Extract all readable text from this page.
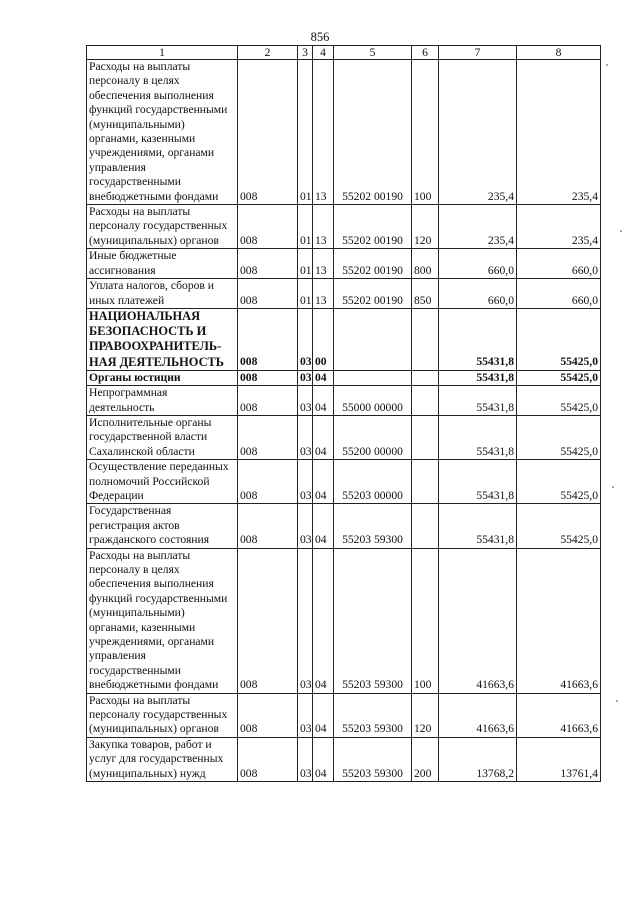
856
1	2	3	4	5	6	7	8
Расходы на выплаты персоналу в целях обеспечения выполнения функций государственными (муниципальными) органами, казенными учреждениями, органами управления государственными внебюджетными фондами	008	01	13	55202 00190	100	235,4	235,4
Расходы на выплаты персоналу государственных (муниципальных) органов	008	01	13	55202 00190	120	235,4	235,4
Иные бюджетные ассигнования	008	01	13	55202 00190	800	660,0	660,0
Уплата налогов, сборов и иных платежей	008	01	13	55202 00190	850	660,0	660,0
НАЦИОНАЛЬНАЯ БЕЗОПАСНОСТЬ И ПРАВООХРАНИТЕЛЬ-НАЯ ДЕЯТЕЛЬНОСТЬ	008	03	00			55431,8	55425,0
Органы юстиции	008	03	04			55431,8	55425,0
Непрограммная деятельность	008	03	04	55000 00000		55431,8	55425,0
Исполнительные органы государственной власти Сахалинской области	008	03	04	55200 00000		55431,8	55425,0
Осуществление переданных полномочий Российской Федерации	008	03	04	55203 00000		55431,8	55425,0
Государственная регистрация актов гражданского состояния	008	03	04	55203 59300		55431,8	55425,0
Расходы на выплаты персоналу в целях обеспечения выполнения функций государственными (муниципальными) органами, казенными учреждениями, органами управления государственными внебюджетными фондами	008	03	04	55203 59300	100	41663,6	41663,6
Расходы на выплаты персоналу государственных (муниципальных) органов	008	03	04	55203 59300	120	41663,6	41663,6
Закупка товаров, работ и услуг для государственных (муниципальных) нужд	008	03	04	55203 59300	200	13768,2	13761,4
